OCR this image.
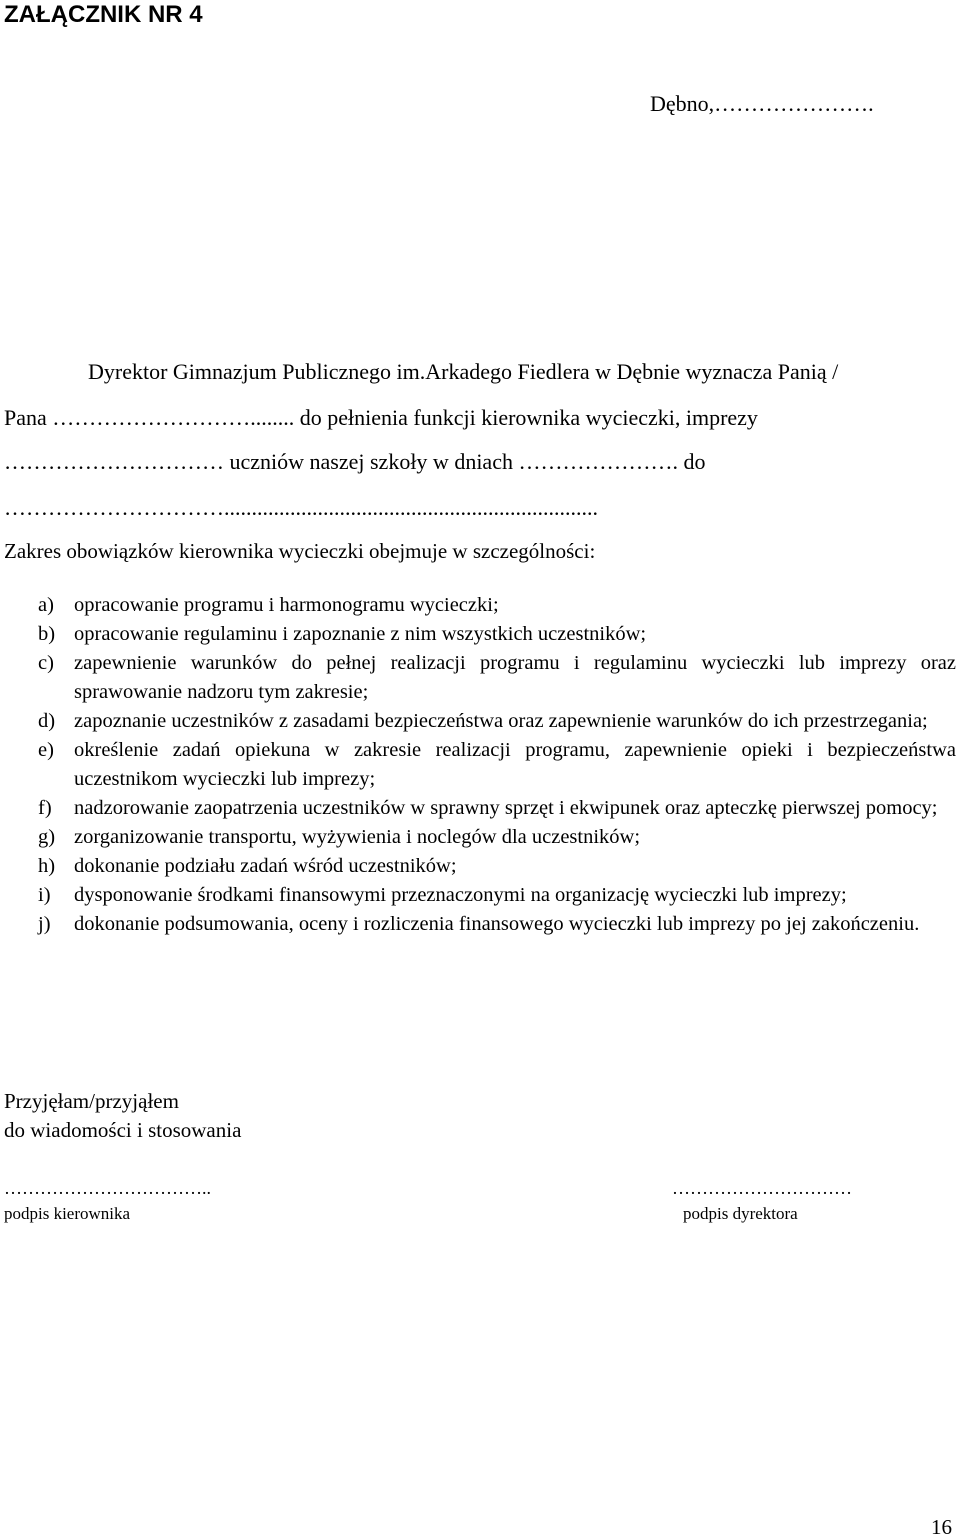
ZAŁĄCZNIK NR 4
Dębno,………………….
Dyrektor Gimnazjum Publicznego im.Arkadego Fiedlera w Dębnie wyznacza Panią /
Pana ………………………........ do pełnienia funkcji kierownika wycieczki, imprezy
………………………… uczniów naszej szkoły w dniach …………………. do
…………………………....................................................................
Zakres obowiązków kierownika wycieczki obejmuje w szczególności:
a) opracowanie programu i harmonogramu wycieczki;
b) opracowanie regulaminu i zapoznanie z nim wszystkich uczestników;
c) zapewnienie warunków do pełnej realizacji programu i regulaminu wycieczki lub imprezy oraz sprawowanie nadzoru tym zakresie;
d) zapoznanie uczestników z zasadami bezpieczeństwa oraz zapewnienie warunków do ich przestrzegania;
e) określenie zadań opiekuna w zakresie realizacji programu, zapewnienie opieki i bezpieczeństwa uczestnikom wycieczki lub imprezy;
f)	nadzorowanie zaopatrzenia uczestników w sprawny sprzęt i ekwipunek oraz apteczkę pierwszej pomocy;
g) zorganizowanie transportu, wyżywienia i noclegów dla uczestników;
h) dokonanie podziału zadań wśród uczestników;
i)	dysponowanie środkami finansowymi przeznaczonymi na organizację wycieczki lub imprezy;
j)	dokonanie podsumowania, oceny i rozliczenia finansowego wycieczki lub imprezy po jej zakończeniu.
Przyjęłam/przyjąłem
do wiadomości i stosowania
……………………………..
podpis kierownika
…………………………
podpis dyrektora
16
